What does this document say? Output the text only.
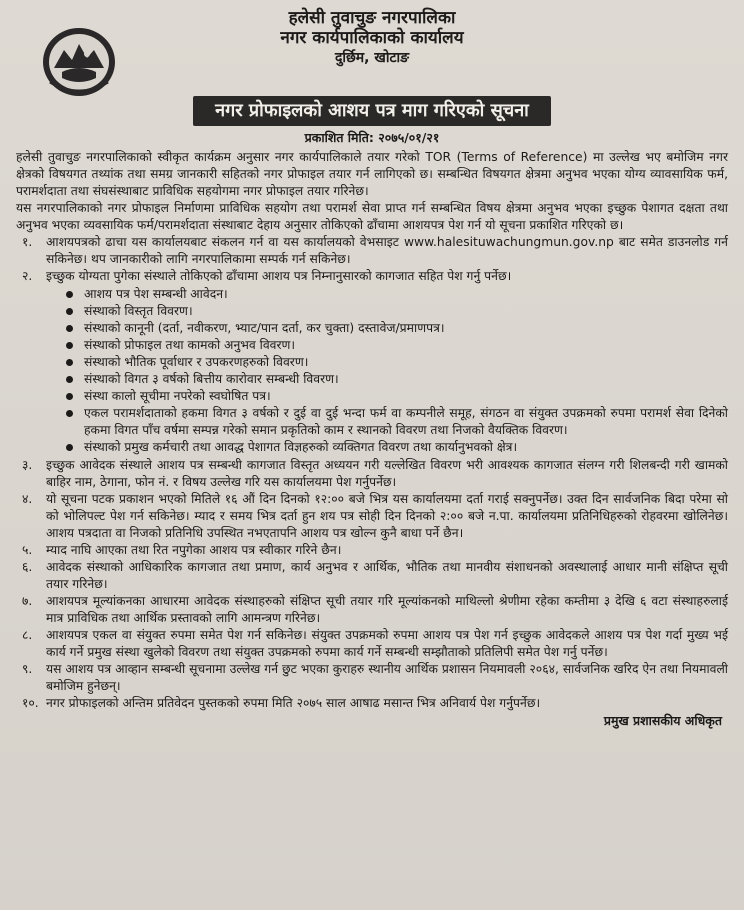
हलेसी तुवाचुङ नगरपालिका
नगर कार्यपालिकाको कार्यालय
दुर्छिम, खोटाङ
नगर प्रोफाइलको आशय पत्र माग गरिएको सूचना
प्रकाशित मिति: २०७५/०१/२१

हलेसी तुवाचुङ नगरपालिकाको स्वीकृत कार्यक्रम अनुसार नगर कार्यपालिकाले तयार गरेको TOR (Terms of Reference) मा उल्लेख भए बमोजिम नगर क्षेत्रको विषयगत तथ्यांक तथा समग्र जानकारी सहितको नगर प्रोफाइल तयार गर्न लागिएको छ। सम्बन्धित विषयगत क्षेत्रमा अनुभव भएका योग्य व्यावसायिक फर्म, परामर्शदाता तथा संघसंस्थाबाट प्राविधिक सहयोगमा नगर प्रोफाइल तयार गरिनेछ।

यस नगरपालिकाको नगर प्रोफाइल निर्माणमा प्राविधिक सहयोग तथा परामर्श सेवा प्राप्त गर्न सम्बन्धित विषय क्षेत्रमा अनुभव भएका इच्छुक पेशागत दक्षता तथा अनुभव भएका व्यवसायिक फर्म/परामर्शदाता संस्थाबाट देहाय अनुसार तोकिएको ढाँचामा आशयपत्र पेश गर्न यो सूचना प्रकाशित गरिएको छ।

१.	आशयपत्रको ढाचा यस कार्यालयबाट संकलन गर्न वा यस कार्यालयको वेभसाइट www.halesituwachungmun.gov.np बाट समेत डाउनलोड गर्न सकिनेछ। थप जानकारीको लागि नगरपालिकामा सम्पर्क गर्न सकिनेछ।
२.	इच्छुक योग्यता पुगेका संस्थाले तोकिएको ढाँचामा आशय पत्र निम्नानुसारको कागजात सहित पेश गर्नु पर्नेछ।
आशय पत्र पेश सम्बन्धी आवेदन।
संस्थाको विस्तृत विवरण।
संस्थाको कानूनी (दर्ता, नवीकरण, भ्याट/पान दर्ता, कर चुक्ता) दस्तावेज/प्रमाणपत्र।
संस्थाको प्रोफाइल तथा कामको अनुभव विवरण।
संस्थाको भौतिक पूर्वाधार र उपकरणहरुको विवरण।
संस्थाको विगत ३ वर्षको बित्तीय कारोवार सम्बन्धी विवरण।
संस्था कालो सूचीमा नपरेको स्वघोषित पत्र।
एकल परामर्शदाताको हकमा विगत ३ वर्षको र दुई वा दुई भन्दा फर्म वा कम्पनीले समूह, संगठन वा संयुक्त उपक्रमको रुपमा परामर्श सेवा दिनेको हकमा विगत पाँच वर्षमा सम्पन्न गरेको समान प्रकृतिको काम र स्थानको विवरण तथा निजको वैयक्तिक विवरण।
संस्थाको प्रमुख कर्मचारी तथा आवद्ध पेशागत विज्ञहरुको व्यक्तिगत विवरण तथा कार्यानुभवको क्षेत्र।
३.	इच्छुक आवेदक संस्थाले आशय पत्र सम्बन्धी कागजात विस्तृत अध्ययन गरी यल्लेखित विवरण भरी आवश्यक कागजात संलग्न गरी शिलबन्दी गरी खामको बाहिर नाम, ठेगाना, फोन नं. र विषय उल्लेख गरि यस कार्यालयमा पेश गर्नुपर्नेछ।
४.	यो सूचना पटक प्रकाशन भएको मितिले १६ औं दिन दिनको १२:०० बजे भित्र यस कार्यालयमा दर्ता गराई सक्नुपर्नेछ। उक्त दिन सार्वजनिक बिदा परेमा सो को भोलिपल्ट पेश गर्न सकिनेछ। म्याद र समय भित्र दर्ता हुन शय पत्र सोही दिन दिनको २:०० बजे न.पा. कार्यालयमा प्रतिनिधिहरुको रोहवरमा खोलिनेछ। आशय पत्रदाता वा निजको प्रतिनिधि उपस्थित नभएतापनि आशय पत्र खोल्न कुनै बाधा पर्ने छैन।
५.	म्याद नाघि आएका तथा रित नपुगेका आशय पत्र स्वीकार गरिने छैन।
६.	आवेदक संस्थाको आधिकारिक कागजात तथा प्रमाण, कार्य अनुभव र आर्थिक, भौतिक तथा मानवीय संशाधनको अवस्थालाई आधार मानी संक्षिप्त सूची तयार गरिनेछ।
७.	आशयपत्र मूल्यांकनका आधारमा आवेदक संस्थाहरुको संक्षिप्त सूची तयार गरि मूल्यांकनको माथिल्लो श्रेणीमा रहेका कम्तीमा ३ देखि ६ वटा संस्थाहरुलाई मात्र प्राविधिक तथा आर्थिक प्रस्तावको लागि आमन्त्रण गरिनेछ।
८.	आशयपत्र एकल वा संयुक्त रुपमा समेत पेश गर्न सकिनेछ। संयुक्त उपक्रमको रुपमा आशय पत्र पेश गर्न इच्छुक आवेदकले आशय पत्र पेश गर्दा मुख्य भई कार्य गर्ने प्रमुख संस्था खुलेको विवरण तथा संयुक्त उपक्रमको रुपमा कार्य गर्ने सम्बन्धी सम्झौताको प्रतिलिपी समेत पेश गर्नु पर्नेछ।
९.	यस आशय पत्र आव्हान सम्बन्धी सूचनामा उल्लेख गर्न छुट भएका कुराहरु स्थानीय आर्थिक प्रशासन नियमावली २०६४, सार्वजनिक खरिद ऐन तथा नियमावली बमोजिम हुनेछन्।
१०. नगर प्रोफाइलको अन्तिम प्रतिवेदन पुस्तकको रुपमा मिति २०७५ साल आषाढ मसान्त भित्र अनिवार्य पेश गर्नुपर्नेछ।
प्रमुख प्रशासकीय अधिकृत
